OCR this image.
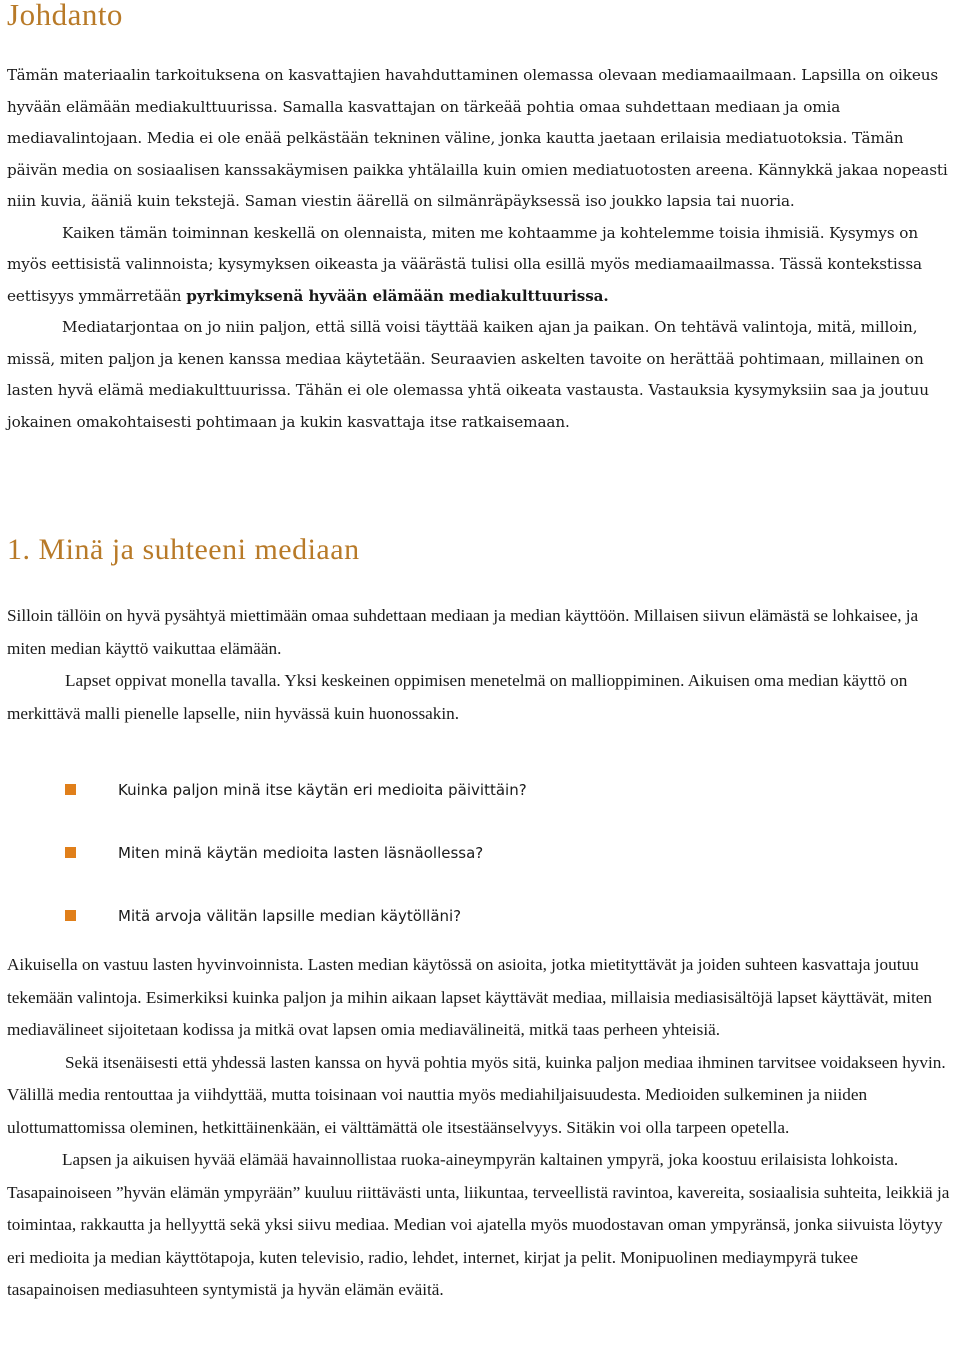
Johdanto

Tämän materiaalin tarkoituksena on kasvattajien havahduttaminen olemassa olevaan mediamaailmaan. Lapsilla on oikeus hyvään elämään mediakulttuurissa. Samalla kasvattajan on tärkeää pohtia omaa suhdettaan mediaan ja omia mediavalintojaan. Media ei ole enää pelkästään tekninen väline, jonka kautta jaetaan erilaisia mediatuotoksia. Tämän päivän media on sosiaalisen kanssakäymisen paikka yhtälailla kuin omien mediatuotosten areena. Kännykkä jakaa nopeasti niin kuvia, ääniä kuin tekstejä. Saman viestin äärellä on silmänräpäyksessä iso joukko lapsia tai nuoria.

Kaiken tämän toiminnan keskellä on olennaista, miten me kohtaamme ja kohtelemme toisia ihmisiä. Kysymys on myös eettisistä valinnoista; kysymyksen oikeasta ja väärästä tulisi olla esillä myös mediamaailmassa. Tässä kontekstissa eettisyys ymmärretään pyrkimyksenä hyvään elämään mediakulttuurissa.

Mediatarjontaa on jo niin paljon, että sillä voisi täyttää kaiken ajan ja paikan. On tehtävä valintoja, mitä, milloin, missä, miten paljon ja kenen kanssa mediaa käytetään. Seuraavien askelten tavoite on herättää pohtimaan, millainen on lasten hyvä elämä mediakulttuurissa. Tähän ei ole olemassa yhtä oikeata vastausta. Vastauksia kysymyksiin saa ja joutuu jokainen omakohtaisesti pohtimaan ja kukin kasvattaja itse ratkaisemaan.

1. Minä ja suhteeni mediaan

Silloin tällöin on hyvä pysähtyä miettimään omaa suhdettaan mediaan ja median käyttöön. Millaisen siivun elämästä se lohkaisee, ja miten median käyttö vaikuttaa elämään.

Lapset oppivat monella tavalla. Yksi keskeinen oppimisen menetelmä on mallioppiminen. Aikuisen oma median käyttö on merkittävä malli pienelle lapselle, niin hyvässä kuin huonossakin.

Kuinka paljon minä itse käytän eri medioita päivittäin?
Miten minä käytän medioita lasten läsnäollessa?
Mitä arvoja välitän lapsille median käytölläni?

Aikuisella on vastuu lasten hyvinvoinnista. Lasten median käytössä on asioita, jotka mietityttävät ja joiden suhteen kasvattaja joutuu tekemään valintoja. Esimerkiksi kuinka paljon ja mihin aikaan lapset käyttävät mediaa, millaisia mediasisältöjä lapset käyttävät, miten mediavälineet sijoitetaan kodissa ja mitkä ovat lapsen omia mediavälineitä, mitkä taas perheen yhteisiä.

Sekä itsenäisesti että yhdessä lasten kanssa on hyvä pohtia myös sitä, kuinka paljon mediaa ihminen tarvitsee voidakseen hyvin. Välillä media rentouttaa ja viihdyttää, mutta toisinaan voi nauttia myös mediahiljaisuudesta. Medioiden sulkeminen ja niiden ulottumattomissa oleminen, hetkittäinenkään, ei välttämättä ole itsestäänselvyys. Sitäkin voi olla tarpeen opetella.

Lapsen ja aikuisen hyvää elämää havainnollistaa ruoka-aineympyrän kaltainen ympyrä, joka koostuu erilaisista lohkoista. Tasapainoiseen ”hyvän elämän ympyrään” kuuluu riittävästi unta, liikuntaa, terveellistä ravintoa, kavereita, sosiaalisia suhteita, leikkiä ja toimintaa, rakkautta ja hellyyttä sekä yksi siivu mediaa. Median voi ajatella myös muodostavan oman ympyränsä, jonka siivuista löytyy eri medioita ja median käyttötapoja, kuten televisio, radio, lehdet, internet, kirjat ja pelit. Monipuolinen mediaympyrä tukee tasapainoisen mediasuhteen syntymistä ja hyvän elämän eväitä.
